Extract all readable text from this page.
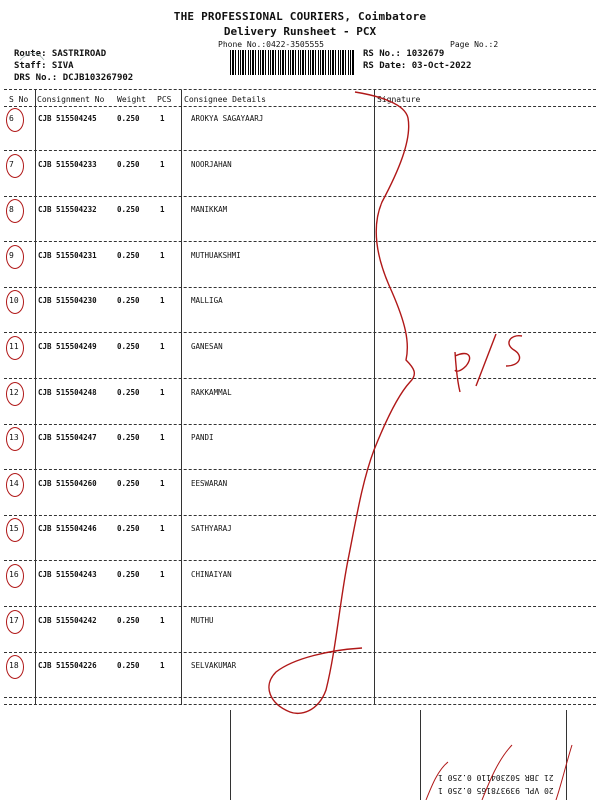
THE PROFESSIONAL COURIERS, Coimbatore
Delivery Runsheet - PCX
Phone No.:0422-3505555	Page No.:2
Route: SASTRIROAD
Staff: SIVA
DRS No.: DCJB103267902
RS No.: 1032679
RS Date: 03-Oct-2022
S No Consignment No Weight PCS Consignee Details	Signature
6	CJB 515504245	0.250	1	AROKYA SAGAYAARJ
7	CJB 515504233	0.250	1	NOORJAHAN
8	CJB 515504232	0.250	1	MANIKKAM
9	CJB 515504231	0.250	1	MUTHUAKSHMI
10	CJB 515504230	0.250	1	MALLIGA
11	CJB 515504249	0.250	1	GANESAN
12	CJB 515504248	0.250	1	RAKKAMMAL
13	CJB 515504247	0.250	1	PANDI
14	CJB 515504260	0.250	1	EESWARAN
15	CJB 515504246	0.250	1	SATHYARAJ
16	CJB 515504243	0.250	1	CHINAIYAN
17	CJB 515504242	0.250	1	MUTHU
18	CJB 515504226	0.250	1	SELVAKUMAR
21 JBR 502304110 0.250 1
20 VPL 939378165 0.250 1
p/s
